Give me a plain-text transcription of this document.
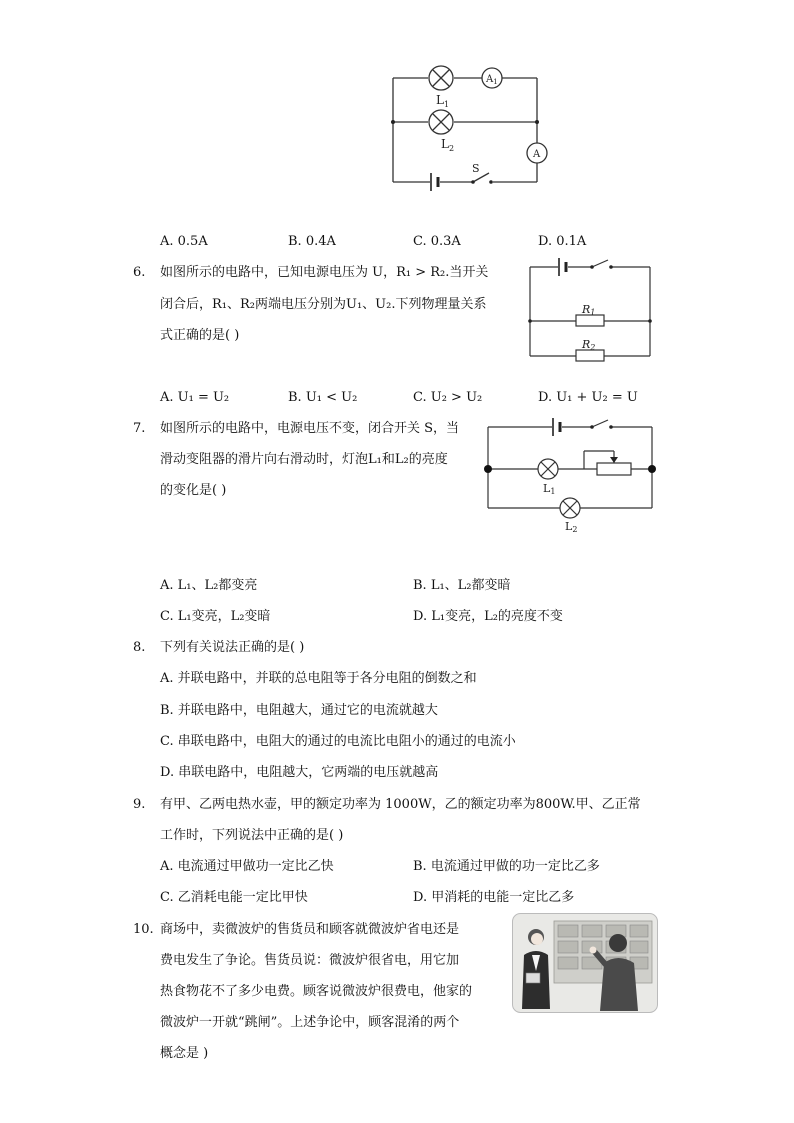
$L_1$
$L_2$
$A_1$
A
S
A. 0.5A	B. 0.4A	C. 0.3A	D. 0.1A
6. 如图所示的电路中，已知电源电压为 U，R₁ > R₂.当开关
闭合后，R₁、R₂两端电压分别为U₁、U₂.下列物理量关系
式正确的是( )
R1
R2
A. U₁ = U₂	B. U₁ < U₂	C. U₂ > U₂	D. U₁ + U₂ = U
7. 如图所示的电路中，电源电压不变，闭合开关 S，当
滑动变阻器的滑片向右滑动时，灯泡L₁和L₂的亮度
的变化是( )	L1
L2
A. L₁、L₂都变亮	B. L₁、L₂都变暗
C. L₁变亮，L₂变暗	D. L₁变亮，L₂的亮度不变
8. 下列有关说法正确的是( )
A. 并联电路中，并联的总电阻等于各分电阻的倒数之和
B. 并联电路中，电阻越大，通过它的电流就越大
C. 串联电路中，电阻大的通过的电流比电阻小的通过的电流小
D. 串联电路中，电阻越大，它两端的电压就越高
9. 有甲、乙两电热水壶，甲的额定功率为 1000W，乙的额定功率为800W.甲、乙正常
工作时，下列说法中正确的是( )
A. 电流通过甲做功一定比乙快	B. 电流通过甲做的功一定比乙多
C. 乙消耗电能一定比甲快	D. 甲消耗的电能一定比乙多
10. 商场中，卖微波炉的售货员和顾客就微波炉省电还是
费电发生了争论。售货员说：微波炉很省电，用它加
热食物花不了多少电费。顾客说微波炉很费电，他家的
微波炉一开就“跳闸”。上述争论中，顾客混淆的两个
概念是 )
